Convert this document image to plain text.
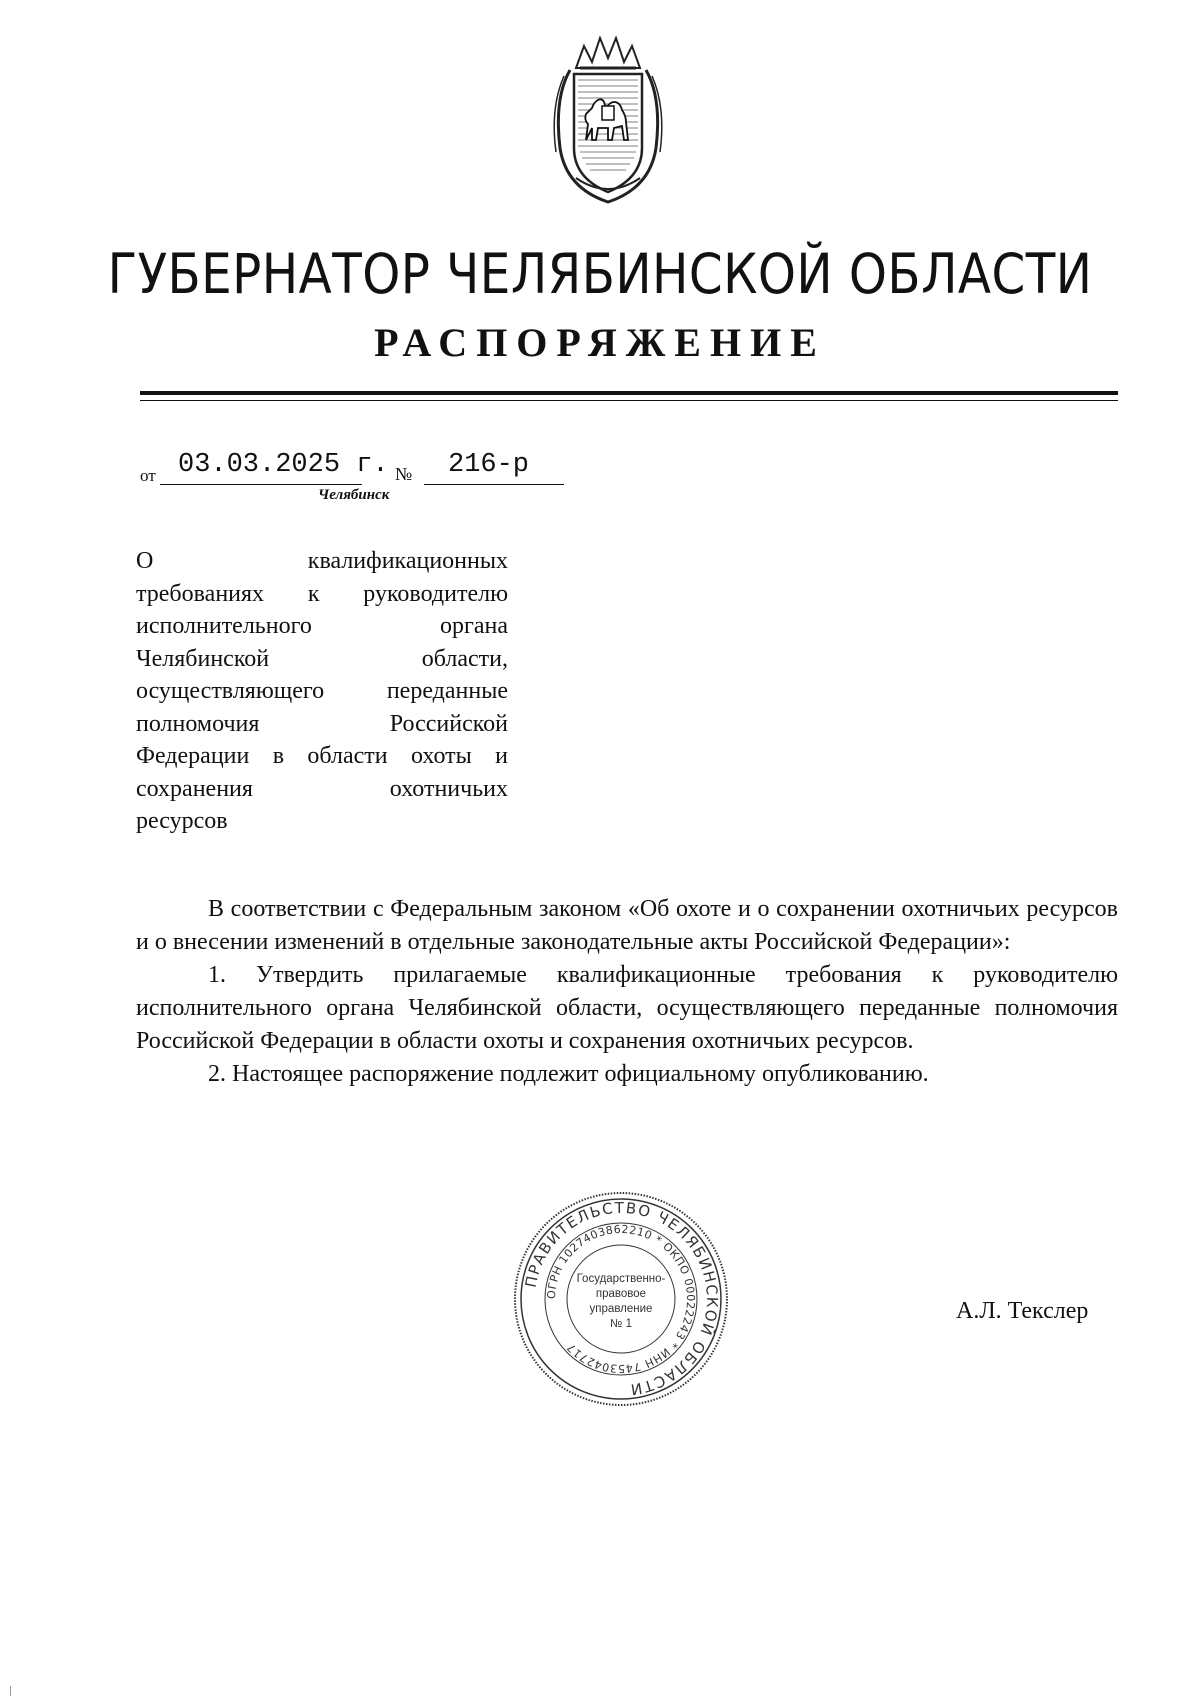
ГУБЕРНАТОР ЧЕЛЯБИНСКОЙ ОБЛАСТИ
РАСПОРЯЖЕНИЕ
от 03.03.2025 г. № 216-р
Челябинск
О квалификационных
требованиях к руководителю
исполнительного органа
Челябинской области,
осуществляющего переданные
полномочия Российской
Федерации в области охоты и
сохранения охотничьих
ресурсов

В соответствии с Федеральным законом «Об охоте и о сохранении охотничьих ресурсов и о внесении изменений в отдельные законодательные акты Российской Федерации»:

1. Утвердить прилагаемые квалификационные требования к руководителю исполнительного органа Челябинской области, осуществляющего переданные полномочия Российской Федерации в области охоты и сохранения охотничьих ресурсов.

2. Настоящее распоряжение подлежит официальному опубликованию.

ПРАВИТЕЛЬСТВО ЧЕЛЯБИНСКОЙ ОБЛАСТИ
ОГРН 1027403862210 * ОКПО 00022243 * ИНН 7453042717
Государственно-
правовое
управление
№ 1	А.Л. Текслер
